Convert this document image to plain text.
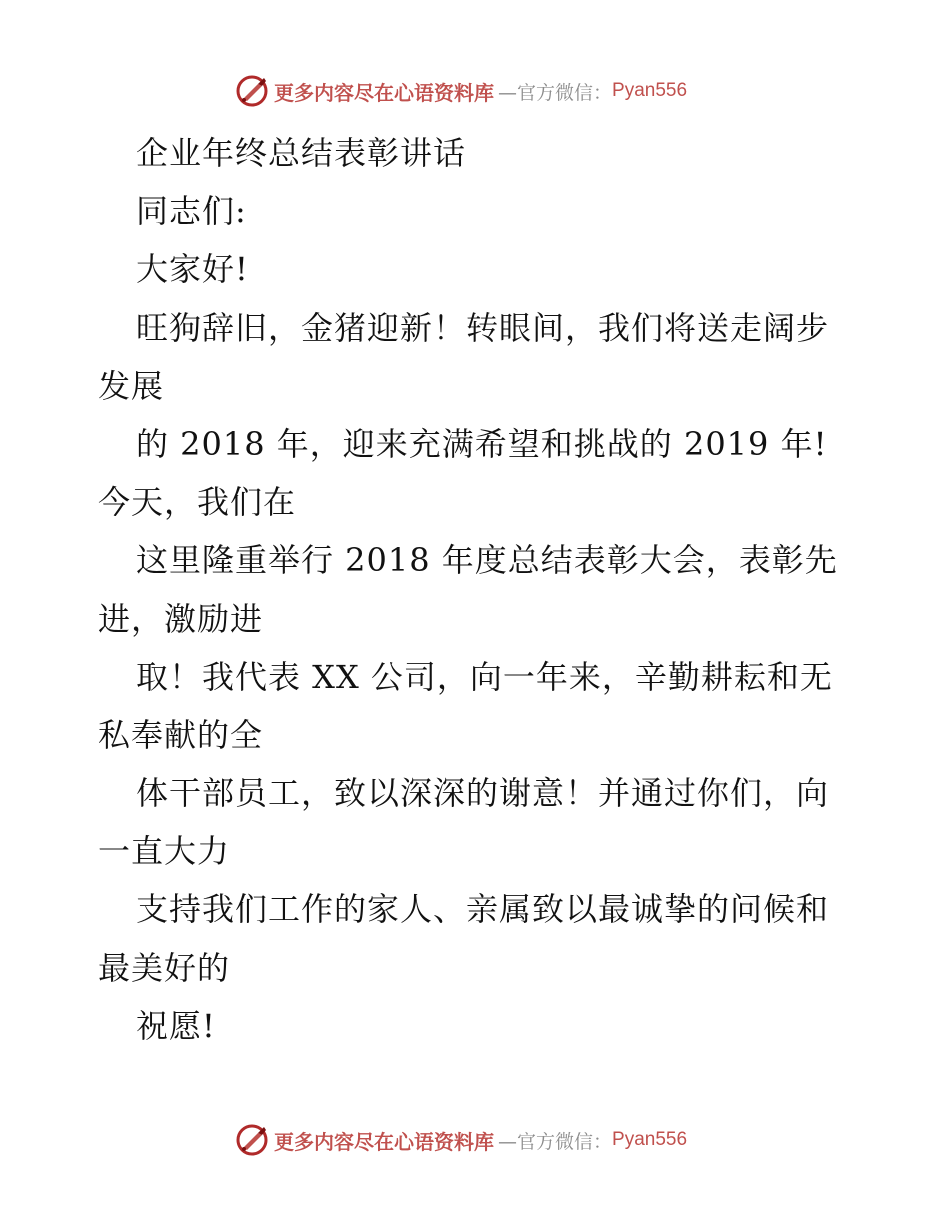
更多内容尽在心语资料库 —官方微信： Pyan556
企业年终总结表彰讲话
同志们:
大家好!
旺狗辞旧，金猪迎新！转眼间，我们将送走阔步
发展
的 2018 年，迎来充满希望和挑战的 2019 年!
今天，我们在
这里隆重举行 2018 年度总结表彰大会，表彰先
进，激励进
取！我代表 XX 公司，向一年来，辛勤耕耘和无
私奉献的全
体干部员工，致以深深的谢意！并通过你们，向
一直大力
支持我们工作的家人、亲属致以最诚挚的问候和
最美好的
祝愿!
更多内容尽在心语资料库 —官方微信： Pyan556
